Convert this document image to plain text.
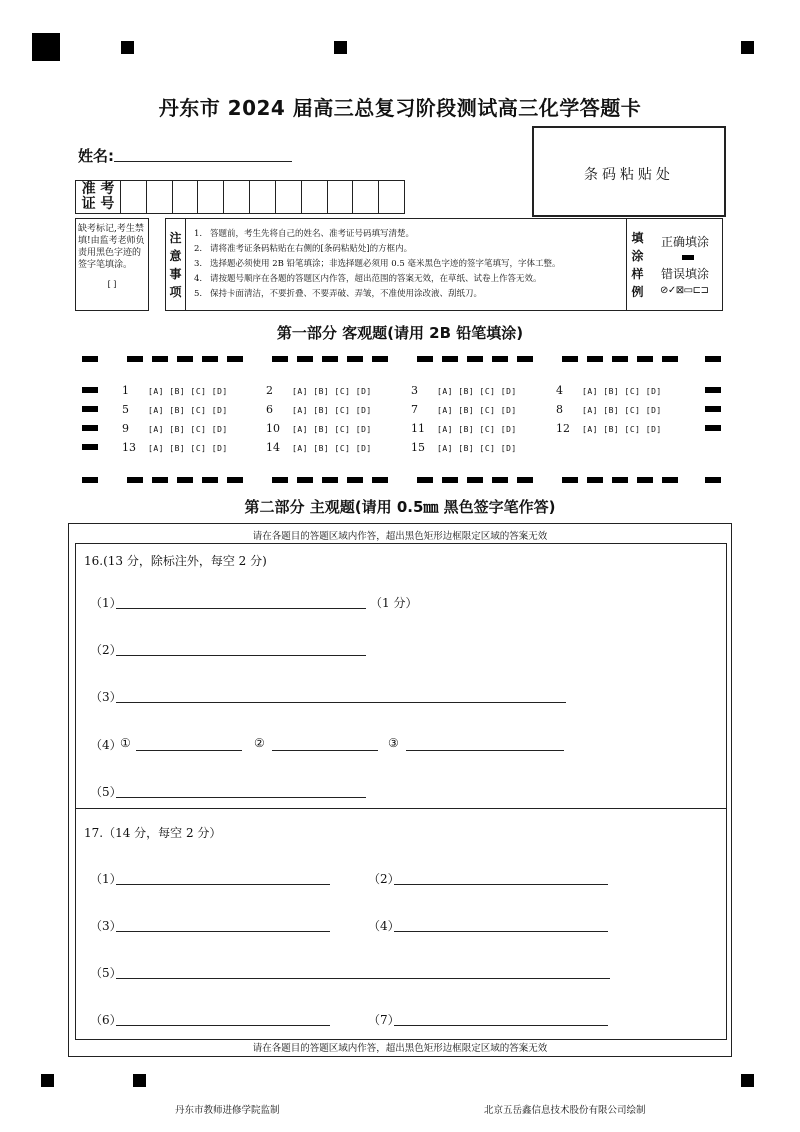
丹东市 2024 届高三总复习阶段测试高三化学答题卡
姓名:
条码粘贴处
准 考
证 号
缺考标记,考生禁填!由监考老师负责用黑色字迹的签字笔填涂。
[ ]
注意事项
1. 答题前，考生先将自己的姓名、准考证号码填写清楚。
2. 请将准考证条码粘贴在右侧的[条码粘贴处]的方框内。
3. 选择题必须使用 2B 铅笔填涂；非选择题必须用 0.5 毫米黑色字迹的签字笔填写，字体工整。
4. 请按题号顺序在各题的答题区内作答，超出范围的答案无效，在草纸、试卷上作答无效。
5. 保持卡面清洁，不要折叠、不要弄破、弄皱，不准使用涂改液、刮纸刀。
填涂样例
正确填涂
错误填涂
⊘✓⊠▭⊏⊐
第一部分 客观题(请用 2B 铅笔填涂)
1 [A] [B] [C] [D]	2 [A] [B] [C] [D]	3 [A] [B] [C] [D]	4 [A] [B] [C] [D]
5 [A] [B] [C] [D]	6 [A] [B] [C] [D]	7 [A] [B] [C] [D]	8 [A] [B] [C] [D]
9 [A] [B] [C] [D]	10 [A] [B] [C] [D]	11 [A] [B] [C] [D]	12 [A] [B] [C] [D]
13 [A] [B] [C] [D]	14 [A] [B] [C] [D]	15 [A] [B] [C] [D]
第二部分 主观题(请用 0.5㎜ 黑色签字笔作答)
请在各题目的答题区域内作答，超出黑色矩形边框限定区域的答案无效
请在各题目的答题区域内作答，超出黑色矩形边框限定区域的答案无效
16.(13 分，除标注外，每空 2 分)
（1）	（1 分）
（2）
（3）
（4）
①	②	③
（5）
17.（14 分，每空 2 分）
（1）	（2）
（3）	（4）
（5）
（6）	（7）
丹东市教师进修学院监制	北京五岳鑫信息技术股份有限公司绘制
